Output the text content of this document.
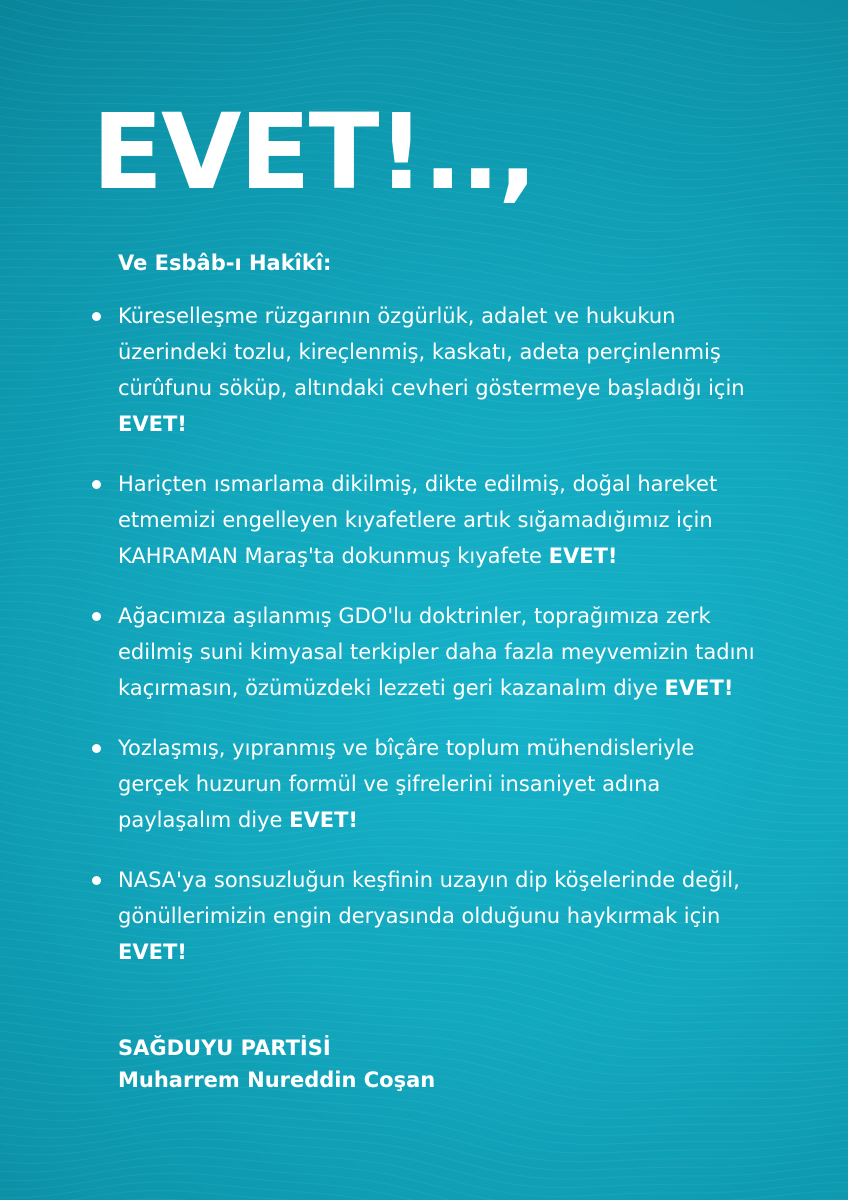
EVET!..,
Ve Esbâb-ı Hakîkî:
Küreselleşme rüzgarının özgürlük, adalet ve hukukun üzerindeki tozlu, kireçlenmiş, kaskatı, adeta perçinlenmiş cürûfunu söküp, altındaki cevheri göstermeye başladığı için EVET!
Hariçten ısmarlama dikilmiş, dikte edilmiş, doğal hareket etmemizi engelleyen kıyafetlere artık sığamadığımız için KAHRAMAN Maraş'ta dokunmuş kıyafete EVET!
Ağacımıza aşılanmış GDO'lu doktrinler, toprağımıza zerk edilmiş suni kimyasal terkipler daha fazla meyvemizin tadını kaçırmasın, özümüzdeki lezzeti geri kazanalım diye EVET!
Yozlaşmış, yıpranmış ve bîçâre toplum mühendisleriyle gerçek huzurun formül ve şifrelerini insaniyet adına paylaşalım diye EVET!
NASA'ya sonsuzluğun keşfinin uzayın dip köşelerinde değil, gönüllerimizin engin deryasında olduğunu haykırmak için EVET!
SAĞDUYU PARTİSİ
Muharrem Nureddin Coşan
